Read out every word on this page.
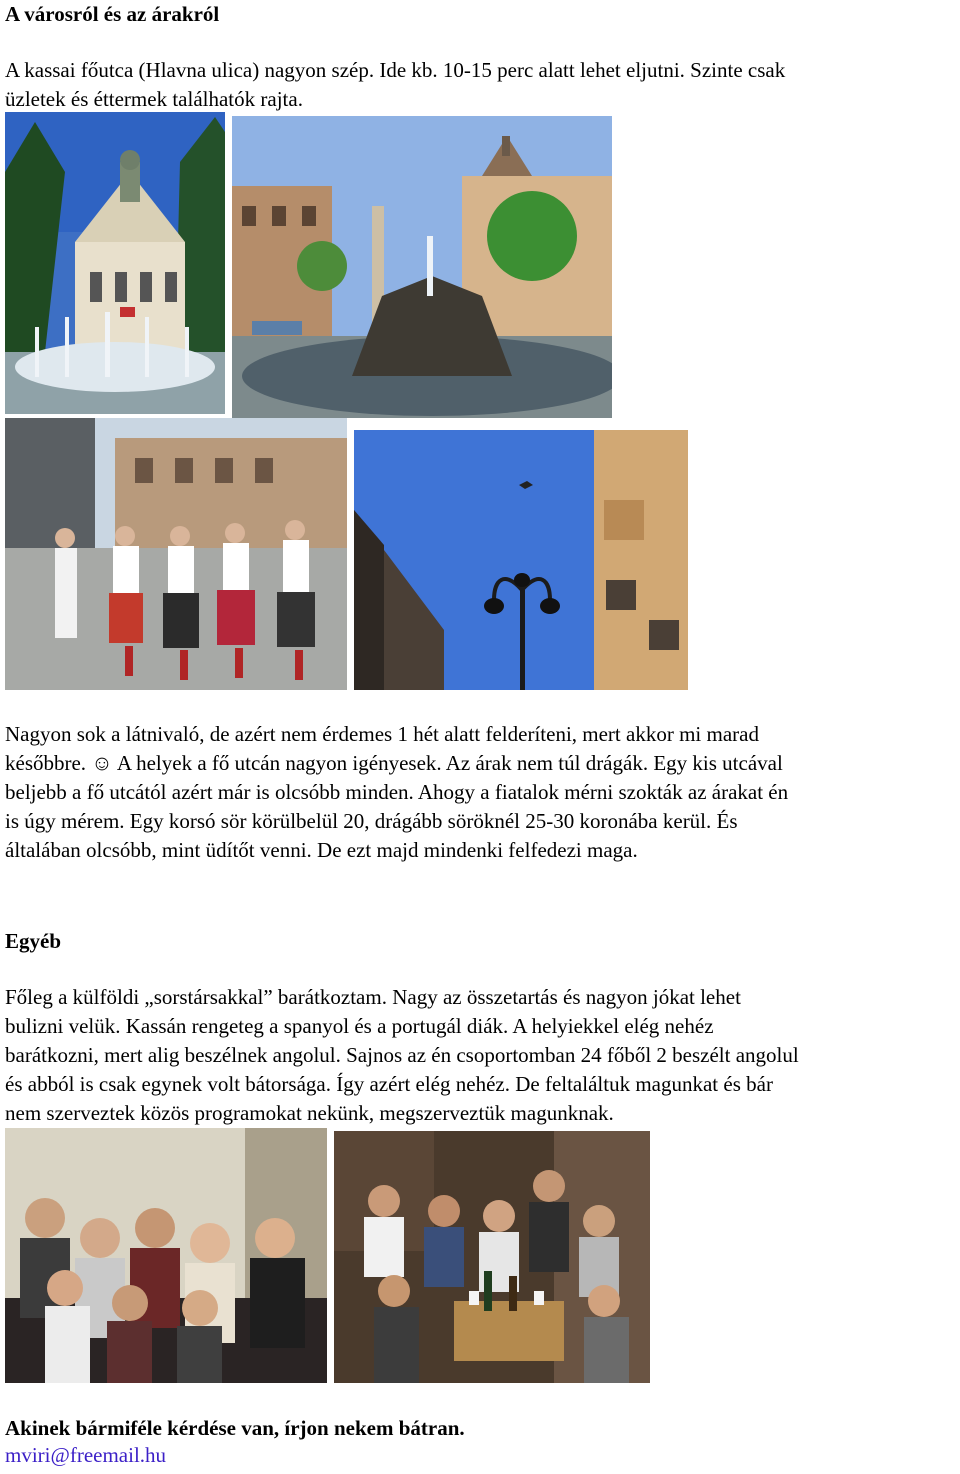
A városról és az árakról
A kassai főutca (Hlavna ulica) nagyon szép. Ide kb. 10-15 perc alatt lehet eljutni. Szinte csak
üzletek és éttermek találhatók rajta.
Nagyon sok a látnivaló, de azért nem érdemes 1 hét alatt felderíteni, mert akkor mi marad
későbbre. ☺ A helyek a fő utcán nagyon igényesek. Az árak nem túl drágák. Egy kis utcával
beljebb a fő utcától azért már is olcsóbb minden. Ahogy a fiatalok mérni szokták az árakat én
is úgy mérem. Egy korsó sör körülbelül 20, drágább söröknél 25-30 koronába kerül. És
általában olcsóbb, mint üdítőt venni. De ezt majd mindenki felfedezi maga.
Egyéb
Főleg a külföldi „sorstársakkal” barátkoztam. Nagy az összetartás és nagyon jókat lehet
bulizni velük. Kassán rengeteg a spanyol és a portugál diák. A helyiekkel elég nehéz
barátkozni, mert alig beszélnek angolul. Sajnos az én csoportomban 24 főből 2 beszélt angolul
és abból is csak egynek volt bátorsága. Így azért elég nehéz. De feltaláltuk magunkat és bár
nem szerveztek közös programokat nekünk, megszerveztük magunknak.
Akinek bármiféle kérdése van, írjon nekem bátran.
mviri@freemail.hu
